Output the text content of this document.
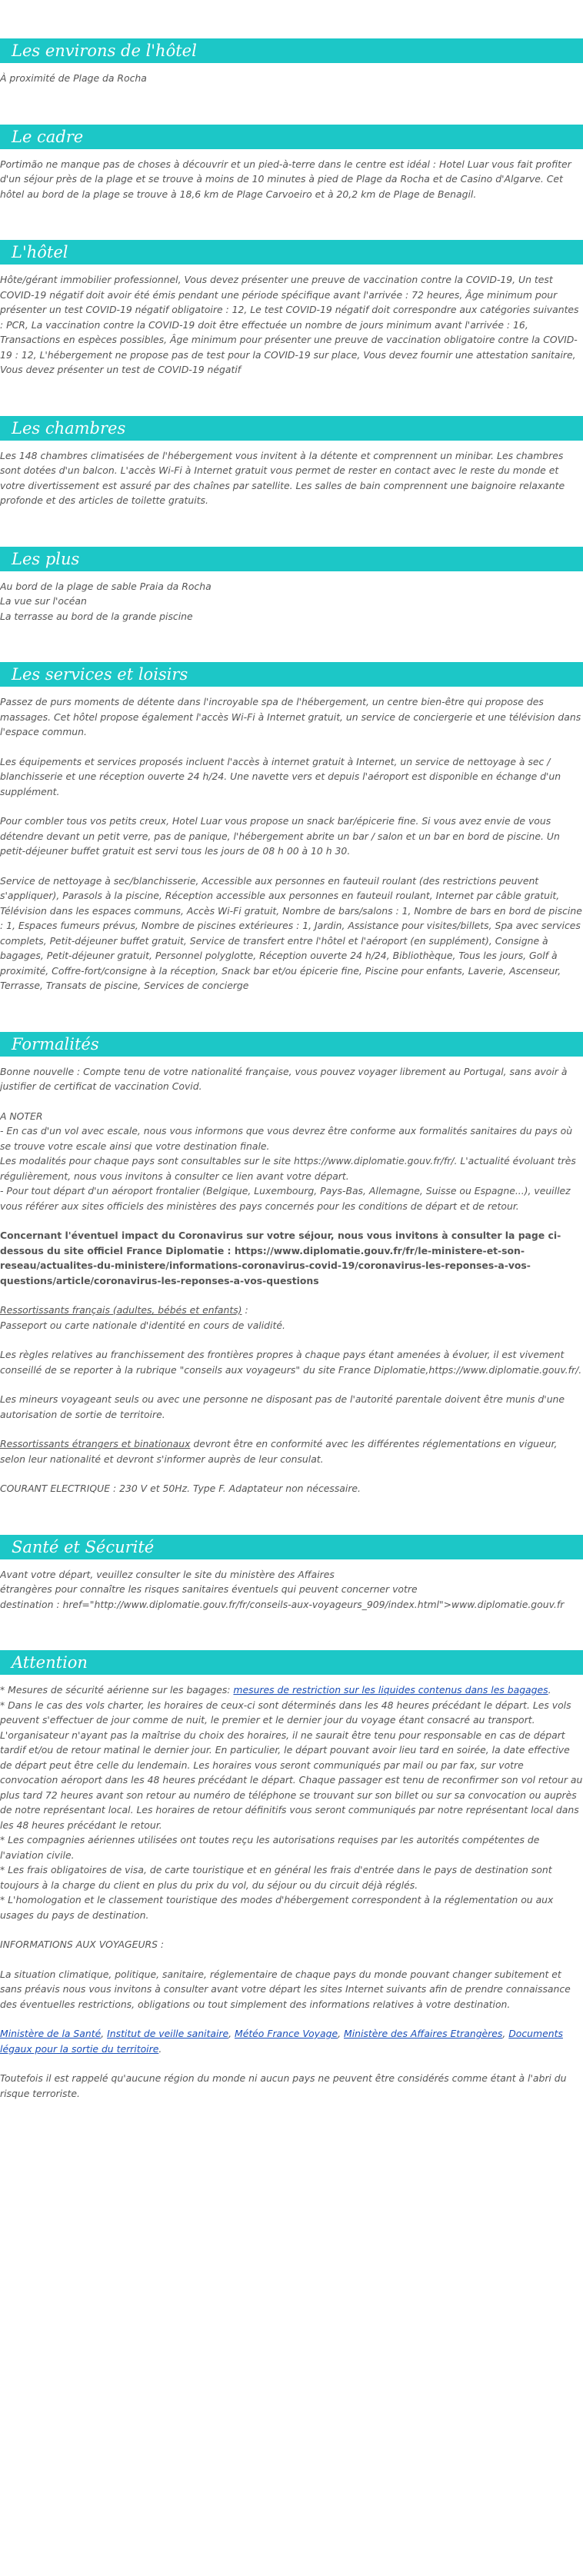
Les environs de l'hôtel

À proximité de Plage da Rocha

Le cadre

Portimão ne manque pas de choses à découvrir et un pied-à-terre dans le centre est idéal : Hotel Luar vous fait profiter d'un séjour près de la plage et se trouve à moins de 10 minutes à pied de Plage da Rocha et de Casino d'Algarve. Cet hôtel au bord de la plage se trouve à 18,6 km de Plage Carvoeiro et à 20,2 km de Plage de Benagil.

L'hôtel

Hôte/gérant immobilier professionnel, Vous devez présenter une preuve de vaccination contre la COVID-19, Un test COVID-19 négatif doit avoir été émis pendant une période spécifique avant l'arrivée : 72 heures, Âge minimum pour présenter un test COVID-19 négatif obligatoire : 12, Le test COVID-19 négatif doit correspondre aux catégories suivantes : PCR, La vaccination contre la COVID-19 doit être effectuée un nombre de jours minimum avant l'arrivée : 16, Transactions en espèces possibles, Âge minimum pour présenter une preuve de vaccination obligatoire contre la COVID-19 : 12, L'hébergement ne propose pas de test pour la COVID-19 sur place, Vous devez fournir une attestation sanitaire, Vous devez présenter un test de COVID-19 négatif

Les chambres

Les 148 chambres climatisées de l'hébergement vous invitent à la détente et comprennent un minibar. Les chambres sont dotées d'un balcon. L'accès Wi-Fi à Internet gratuit vous permet de rester en contact avec le reste du monde et votre divertissement est assuré par des chaînes par satellite. Les salles de bain comprennent une baignoire relaxante profonde et des articles de toilette gratuits.

Les plus
Au bord de la plage de sable Praia da Rocha
La vue sur l'océan
La terrasse au bord de la grande piscine
Les services et loisirs

Passez de purs moments de détente dans l'incroyable spa de l'hébergement, un centre bien-être qui propose des massages. Cet hôtel propose également l'accès Wi-Fi à Internet gratuit, un service de conciergerie et une télévision dans l'espace commun.

Les équipements et services proposés incluent l'accès à internet gratuit à Internet, un service de nettoyage à sec / blanchisserie et une réception ouverte 24 h/24. Une navette vers et depuis l'aéroport est disponible en échange d'un supplément.

Pour combler tous vos petits creux, Hotel Luar vous propose un snack bar/épicerie fine. Si vous avez envie de vous détendre devant un petit verre, pas de panique, l'hébergement abrite un bar / salon et un bar en bord de piscine. Un petit-déjeuner buffet gratuit est servi tous les jours de 08 h 00 à 10 h 30.

Service de nettoyage à sec/blanchisserie, Accessible aux personnes en fauteuil roulant (des restrictions peuvent s'appliquer), Parasols à la piscine, Réception accessible aux personnes en fauteuil roulant, Internet par câble gratuit, Télévision dans les espaces communs, Accès Wi-Fi gratuit, Nombre de bars/salons : 1, Nombre de bars en bord de piscine : 1, Espaces fumeurs prévus, Nombre de piscines extérieures : 1, Jardin, Assistance pour visites/billets, Spa avec services complets, Petit-déjeuner buffet gratuit, Service de transfert entre l'hôtel et l'aéroport (en supplément), Consigne à bagages, Petit-déjeuner gratuit, Personnel polyglotte, Réception ouverte 24 h/24, Bibliothèque, Tous les jours, Golf à proximité, Coffre-fort/consigne à la réception, Snack bar et/ou épicerie fine, Piscine pour enfants, Laverie, Ascenseur, Terrasse, Transats de piscine, Services de concierge

Formalités

Bonne nouvelle : Compte tenu de votre nationalité française, vous pouvez voyager librement au Portugal, sans avoir à justifier de certificat de vaccination Covid.

A NOTER
- En cas d'un vol avec escale, nous vous informons que vous devrez être conforme aux formalités sanitaires du pays où se trouve votre escale ainsi que votre destination finale.
Les modalités pour chaque pays sont consultables sur le site https://www.diplomatie.gouv.fr/fr/. L'actualité évoluant très régulièrement, nous vous invitons à consulter ce lien avant votre départ.

- Pour tout départ d'un aéroport frontalier (Belgique, Luxembourg, Pays-Bas, Allemagne, Suisse ou Espagne...), veuillez vous référer aux sites officiels des ministères des pays concernés pour les conditions de départ et de retour.

Concernant l'éventuel impact du Coronavirus sur votre séjour, nous vous invitons à consulter la page ci-dessous du site officiel France Diplomatie : https://www.diplomatie.gouv.fr/fr/le-ministere-et-son-reseau/actualites-du-ministere/informations-coronavirus-covid-19/coronavirus-les-reponses-a-vos-questions/article/coronavirus-les-reponses-a-vos-questions

Ressortissants français (adultes, bébés et enfants) :

Passeport ou carte nationale d'identité en cours de validité.

Les règles relatives au franchissement des frontières propres à chaque pays étant amenées à évoluer, il est vivement conseillé de se reporter à la rubrique "conseils aux voyageurs" du site France Diplomatie,https://www.diplomatie.gouv.fr/.

Les mineurs voyageant seuls ou avec une personne ne disposant pas de l'autorité parentale doivent être munis d'une autorisation de sortie de territoire.

Ressortissants étrangers et binationaux devront être en conformité avec les différentes réglementations en vigueur, selon leur nationalité et devront s'informer auprès de leur consulat.

COURANT ELECTRIQUE : 230 V et 50Hz. Type F. Adaptateur non nécessaire.

Santé et Sécurité
Avant votre départ, veuillez consulter le site du ministère des Affaires
étrangères pour connaître les risques sanitaires éventuels qui peuvent concerner votre
destination : href="http://www.diplomatie.gouv.fr/fr/conseils-aux-voyageurs_909/index.html">www.diplomatie.gouv.fr
Attention
* Mesures de sécurité aérienne sur les bagages: mesures de restriction sur les liquides contenus dans les bagages.
* Dans le cas des vols charter, les horaires de ceux-ci sont déterminés dans les 48 heures précédant le départ. Les vols peuvent s'effectuer de jour comme de nuit, le premier et le dernier jour du voyage étant consacré au transport. L'organisateur n'ayant pas la maîtrise du choix des horaires, il ne saurait être tenu pour responsable en cas de départ tardif et/ou de retour matinal le dernier jour. En particulier, le départ pouvant avoir lieu tard en soirée, la date effective de départ peut être celle du lendemain. Les horaires vous seront communiqués par mail ou par fax, sur votre convocation aéroport dans les 48 heures précédant le départ. Chaque passager est tenu de reconfirmer son vol retour au plus tard 72 heures avant son retour au numéro de téléphone se trouvant sur son billet ou sur sa convocation ou auprès de notre représentant local. Les horaires de retour définitifs vous seront communiqués par notre représentant local dans les 48 heures précédant le retour.
* Les compagnies aériennes utilisées ont toutes reçu les autorisations requises par les autorités compétentes de l'aviation civile.
* Les frais obligatoires de visa, de carte touristique et en général les frais d'entrée dans le pays de destination sont toujours à la charge du client en plus du prix du vol, du séjour ou du circuit déjà réglés.

* L'homologation et le classement touristique des modes d'hébergement correspondent à la réglementation ou aux usages du pays de destination.

INFORMATIONS AUX VOYAGEURS :

La situation climatique, politique, sanitaire, réglementaire de chaque pays du monde pouvant changer subitement et sans préavis nous vous invitons à consulter avant votre départ les sites Internet suivants afin de prendre connaissance des éventuelles restrictions, obligations ou tout simplement des informations relatives à votre destination.

Ministère de la Santé, Institut de veille sanitaire, Météo France Voyage, Ministère des Affaires Etrangères, Documents légaux pour la sortie du territoire.

Toutefois il est rappelé qu'aucune région du monde ni aucun pays ne peuvent être considérés comme étant à l'abri du risque terroriste.
